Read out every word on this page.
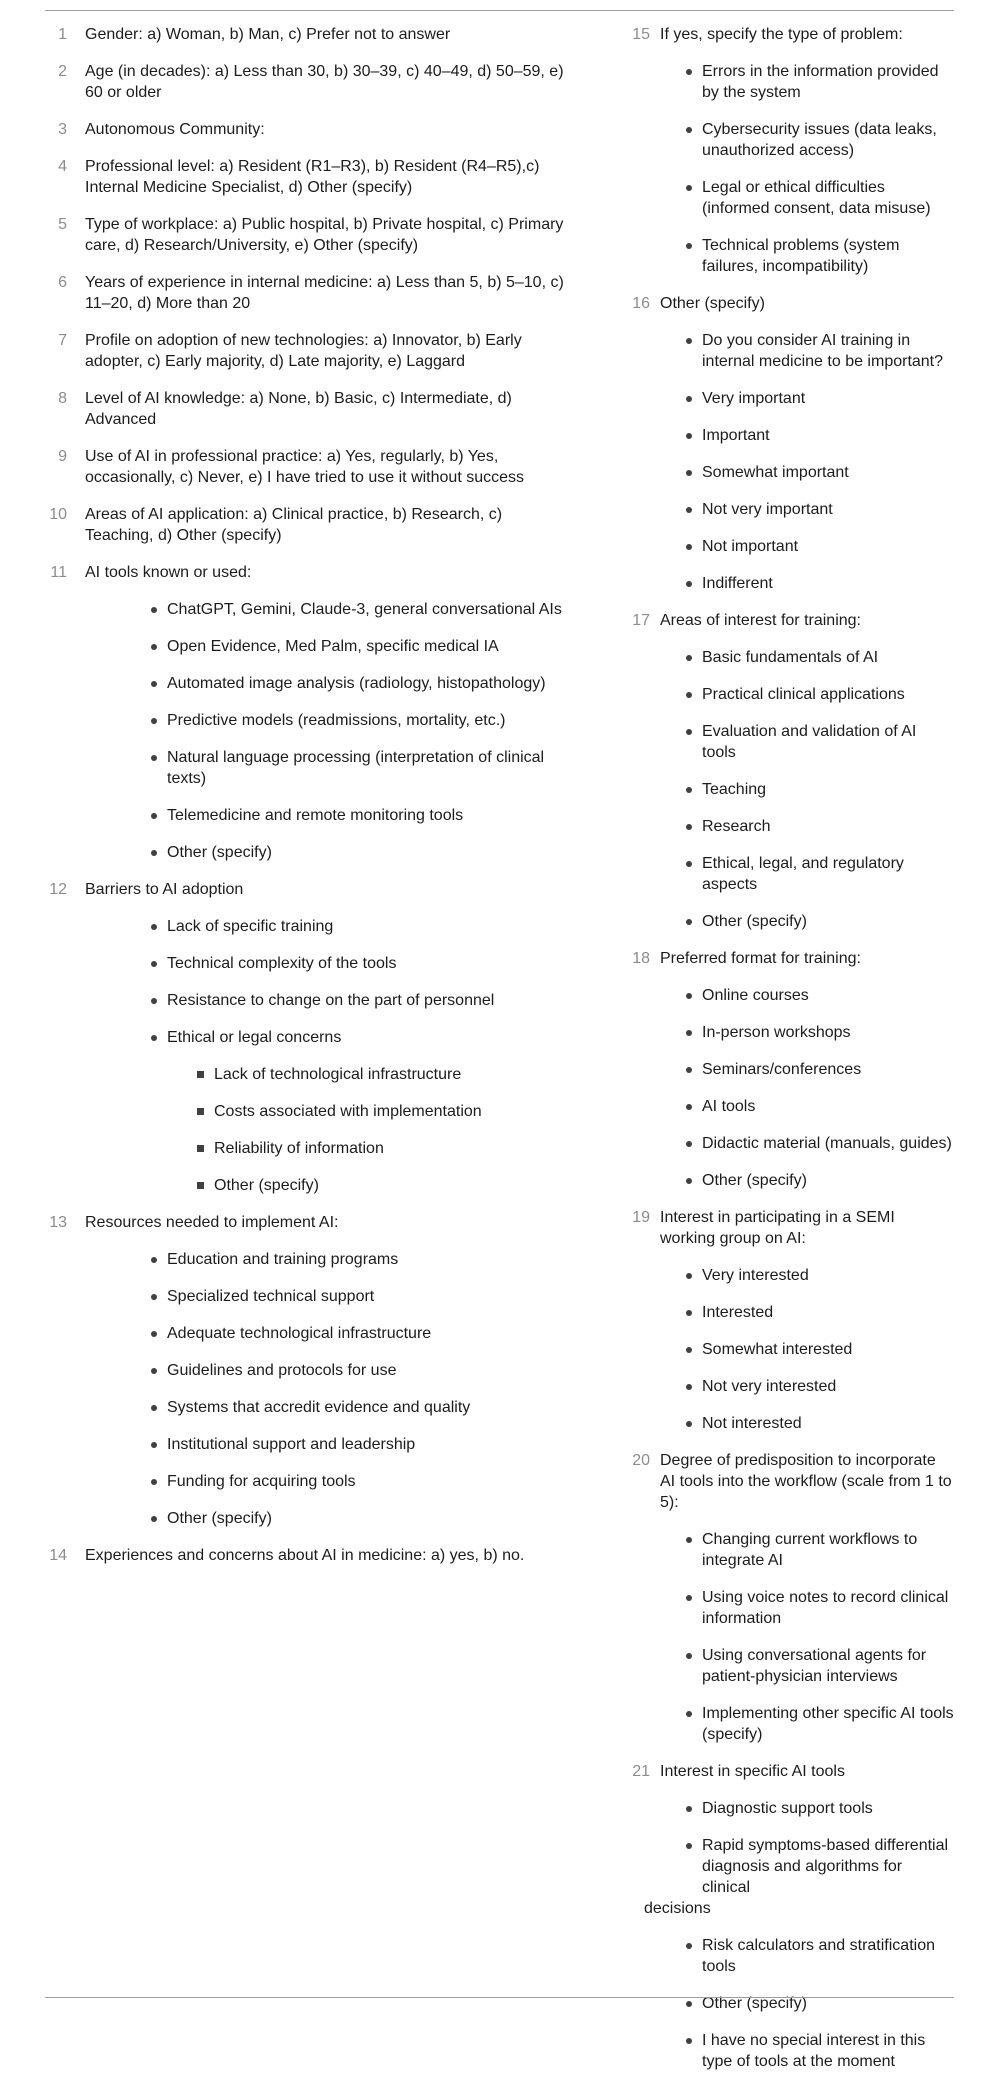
1 Gender: a) Woman, b) Man, c) Prefer not to answer
2 Age (in decades): a) Less than 30, b) 30–39, c) 40–49, d) 50–59, e) 60 or older
3 Autonomous Community:
4 Professional level: a) Resident (R1–R3), b) Resident (R4–R5),c) Internal Medicine Specialist, d) Other (specify)
5 Type of workplace: a) Public hospital, b) Private hospital, c) Primary care, d) Research/University, e) Other (specify)
6 Years of experience in internal medicine: a) Less than 5, b) 5–10, c) 11–20, d) More than 20
7 Profile on adoption of new technologies: a) Innovator, b) Early adopter, c) Early majority, d) Late majority, e) Laggard
8 Level of AI knowledge: a) None, b) Basic, c) Intermediate, d) Advanced
9 Use of AI in professional practice: a) Yes, regularly, b) Yes, occasionally, c) Never, e) I have tried to use it without success
10 Areas of AI application: a) Clinical practice, b) Research, c) Teaching, d) Other (specify)
11 AI tools known or used:
ChatGPT, Gemini, Claude-3, general conversational AIs
Open Evidence, Med Palm, specific medical IA
Automated image analysis (radiology, histopathology)
Predictive models (readmissions, mortality, etc.)
Natural language processing (interpretation of clinical texts)
Telemedicine and remote monitoring tools
Other (specify)
12 Barriers to AI adoption
Lack of specific training
Technical complexity of the tools
Resistance to change on the part of personnel
Ethical or legal concerns
Lack of technological infrastructure
Costs associated with implementation
Reliability of information
Other (specify)
13 Resources needed to implement AI:
Education and training programs
Specialized technical support
Adequate technological infrastructure
Guidelines and protocols for use
Systems that accredit evidence and quality
Institutional support and leadership
Funding for acquiring tools
Other (specify)
14 Experiences and concerns about AI in medicine: a) yes, b) no.
15 If yes, specify the type of problem:
Errors in the information provided by the system
Cybersecurity issues (data leaks, unauthorized access)
Legal or ethical difficulties (informed consent, data misuse)
Technical problems (system failures, incompatibility)
16 Other (specify)
Do you consider AI training in internal medicine to be important?
Very important
Important
Somewhat important
Not very important
Not important
Indifferent
17 Areas of interest for training:
Basic fundamentals of AI
Practical clinical applications
Evaluation and validation of AI tools
Teaching
Research
Ethical, legal, and regulatory aspects
Other (specify)
18 Preferred format for training:
Online courses
In-person workshops
Seminars/conferences
AI tools
Didactic material (manuals, guides)
Other (specify)
19 Interest in participating in a SEMI working group on AI:
Very interested
Interested
Somewhat interested
Not very interested
Not interested
20 Degree of predisposition to incorporate AI tools into the workflow (scale from 1 to 5):
Changing current workflows to integrate AI
Using voice notes to record clinical information
Using conversational agents for patient-physician interviews
Implementing other specific AI tools (specify)
21 Interest in specific AI tools
Diagnostic support tools
Rapid symptoms-based differential
diagnosis and algorithms for clinical
decisions
Risk calculators and stratification tools
Other (specify)
I have no special interest in this type of tools at the moment
